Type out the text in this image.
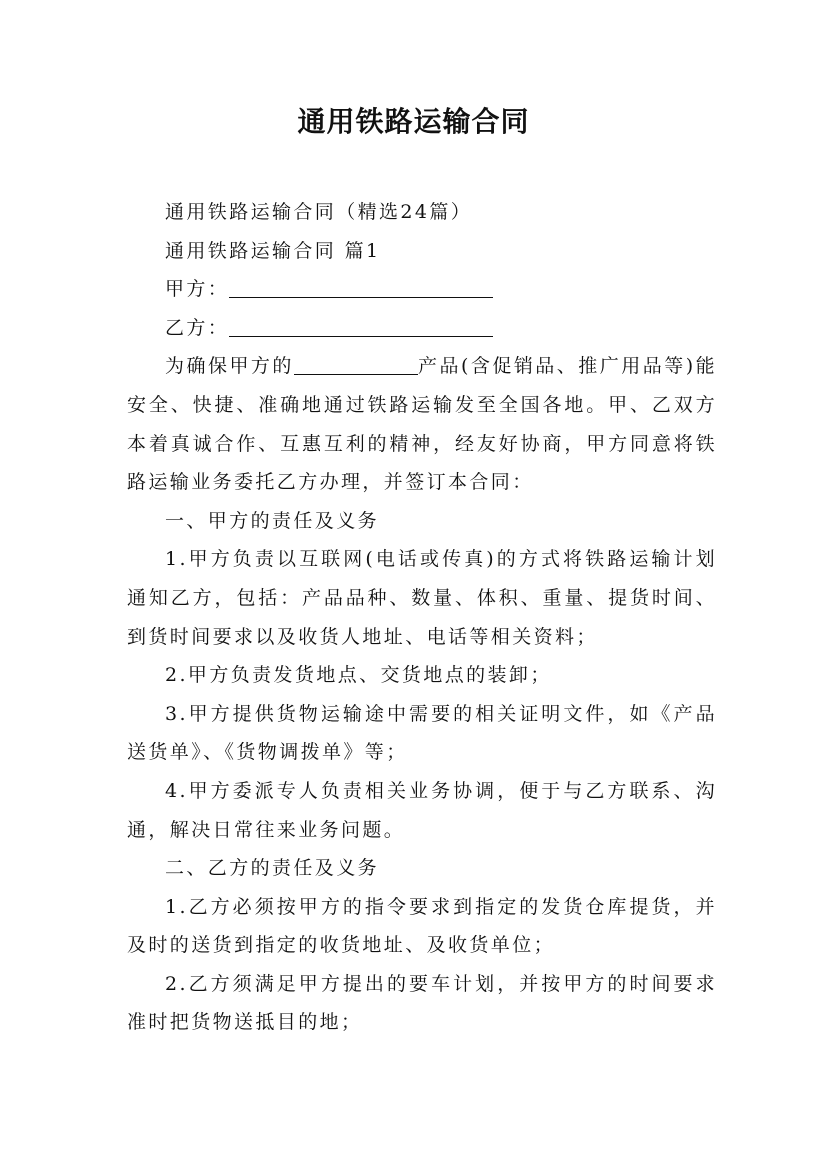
通用铁路运输合同

通用铁路运输合同（精选24篇）

通用铁路运输合同 篇1

甲方：

乙方：

为确保甲方的	产品(含促销品、推广用品等)能安全、快捷、准确地通过铁路运输发至全国各地。甲、乙双方本着真诚合作、互惠互利的精神，经友好协商，甲方同意将铁路运输业务委托乙方办理，并签订本合同：

一、甲方的责任及义务

1.甲方负责以互联网(电话或传真)的方式将铁路运输计划通知乙方，包括：产品品种、数量、体积、重量、提货时间、到货时间要求以及收货人地址、电话等相关资料；

2.甲方负责发货地点、交货地点的装卸；

3.甲方提供货物运输途中需要的相关证明文件，如《产品送货单》、《货物调拨单》等；

4.甲方委派专人负责相关业务协调，便于与乙方联系、沟通，解决日常往来业务问题。

二、乙方的责任及义务

1.乙方必须按甲方的指令要求到指定的发货仓库提货，并及时的送货到指定的收货地址、及收货单位；

2.乙方须满足甲方提出的要车计划，并按甲方的时间要求准时把货物送抵目的地；
